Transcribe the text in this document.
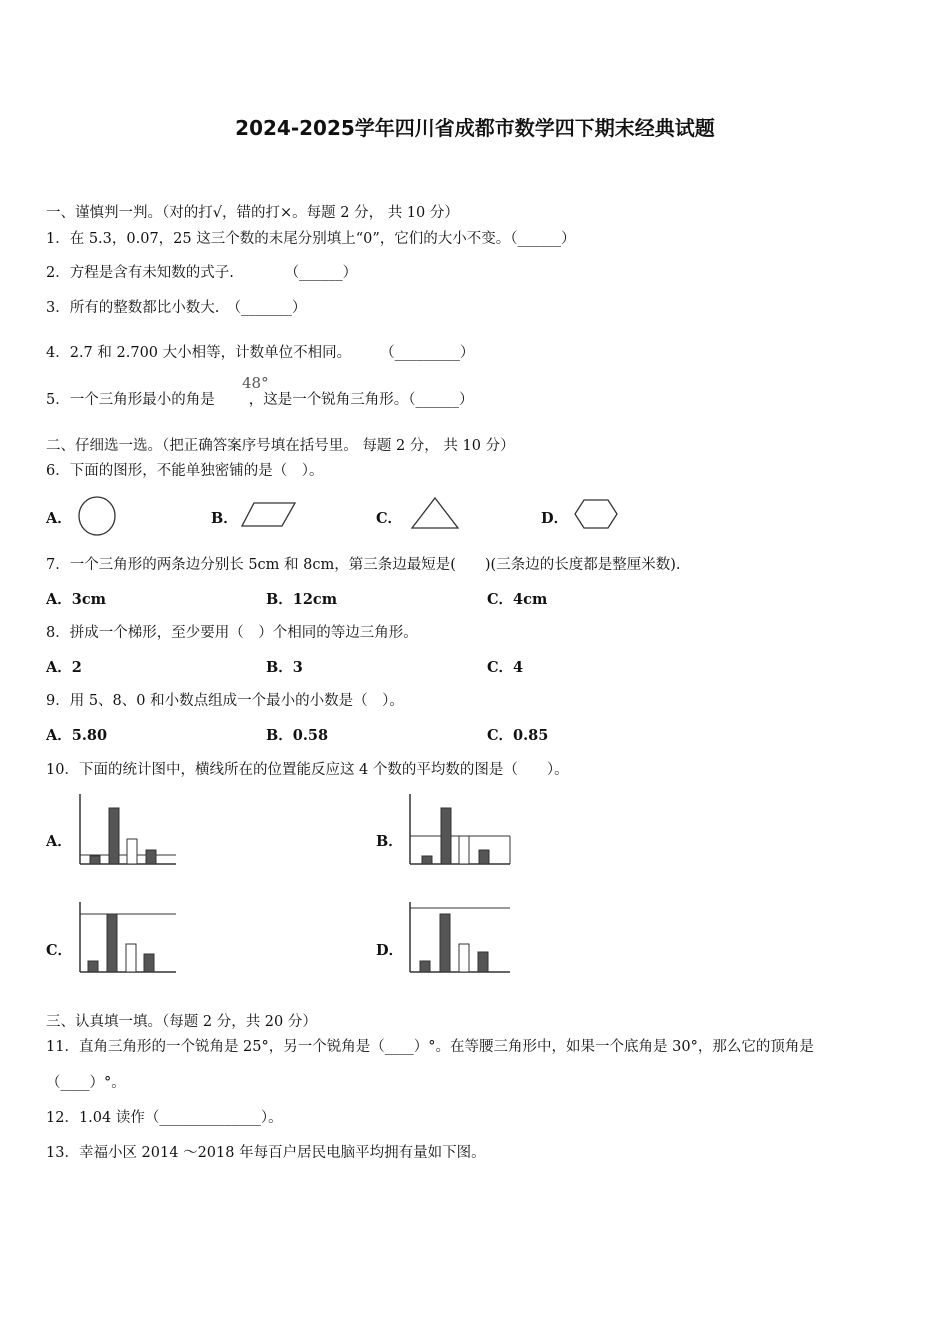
2024-2025学年四川省成都市数学四下期末经典试题
一、谨慎判一判。（对的打√，错的打×。每题 2 分， 共 10 分）
1．在 5.3，0.07，25 这三个数的末尾分别填上“0”，它们的大小不变。（______）
2．方程是含有未知数的式子.　　　　（______）
3．所有的整数都比小数大.　（_______）
4．2.7 和 2.700 大小相等，计数单位不相同。　　　（_________）
5．一个三角形最小的角是 ，这是一个锐角三角形。（______）
48°
二、仔细选一选。（把正确答案序号填在括号里。 每题 2 分， 共 10 分）
6．下面的图形，不能单独密铺的是（　）。
A．	B．	C．	D．
7．一个三角形的两条边分别长 5cm 和 8cm，第三条边最短是(　　)(三条边的长度都是整厘米数).
A．3cm	B．12cm	C．4cm
8．拼成一个梯形，至少要用（　）个相同的等边三角形。
A．2	B．3	C．4
9．用 5、8、0 和小数点组成一个最小的小数是（　）。
A．5.80	B．0.58	C．0.85
10．下面的统计图中，横线所在的位置能反应这 4 个数的平均数的图是（　　）。
A．	B．
C．	D．
三、认真填一填。（每题 2 分，共 20 分）
11．直角三角形的一个锐角是 25°，另一个锐角是（____）°。在等腰三角形中，如果一个底角是 30°，那么它的顶角是
（____）°。
12．1.04 读作（______________）。
13．幸福小区 2014 ～2018 年每百户居民电脑平均拥有量如下图。
